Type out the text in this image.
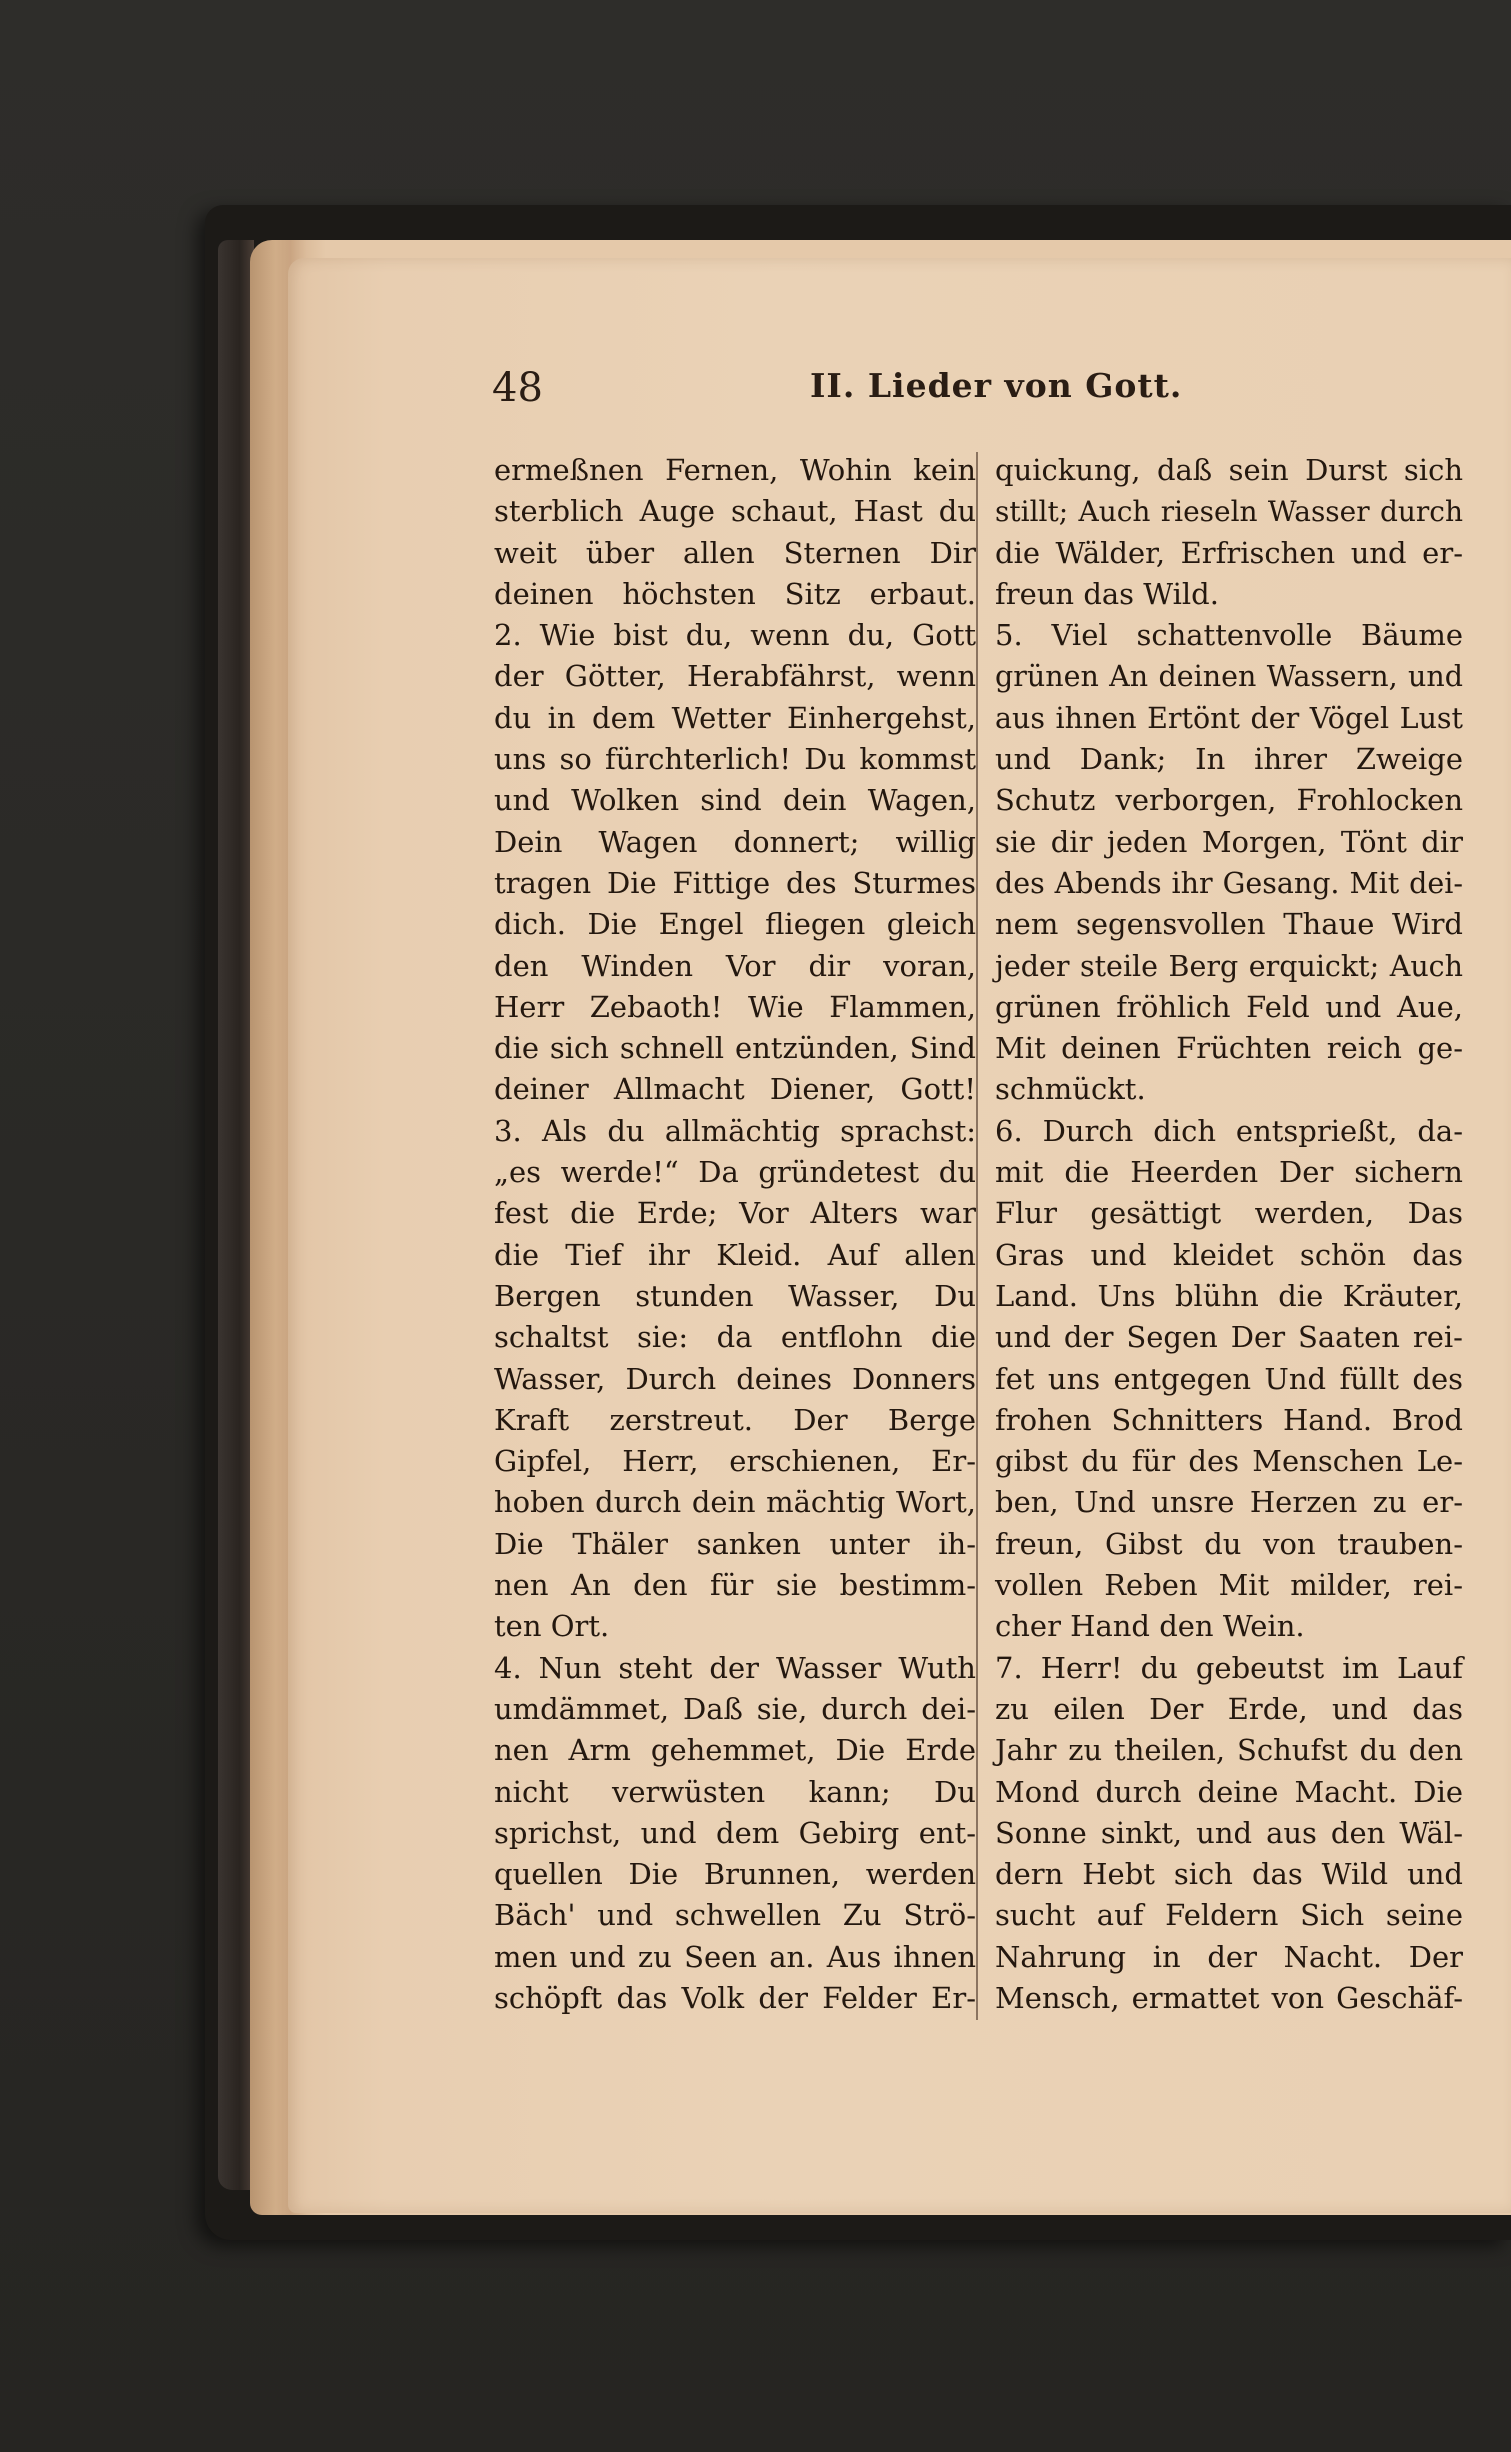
48	II. Lieder von Gott.
ermeßnen Fernen, Wohin kein
sterblich Auge schaut, Hast du
weit über allen Sternen Dir
deinen höchsten Sitz erbaut.
2. Wie bist du, wenn du, Gott
der Götter, Herabfährst, wenn
du in dem Wetter Einhergehst,
uns so fürchterlich! Du kommst
und Wolken sind dein Wagen,
Dein Wagen donnert; willig
tragen Die Fittige des Sturmes
dich. Die Engel fliegen gleich
den Winden Vor dir voran,
Herr Zebaoth! Wie Flammen,
die sich schnell entzünden, Sind
deiner Allmacht Diener, Gott!
3. Als du allmächtig sprachst:
„es werde!“ Da gründetest du
fest die Erde; Vor Alters war
die Tief ihr Kleid. Auf allen
Bergen stunden Wasser, Du
schaltst sie: da entflohn die
Wasser, Durch deines Donners
Kraft zerstreut. Der Berge
Gipfel, Herr, erschienen, Er-
hoben durch dein mächtig Wort,
Die Thäler sanken unter ih-
nen An den für sie bestimm-
ten Ort.
4. Nun steht der Wasser Wuth
umdämmet, Daß sie, durch dei-
nen Arm gehemmet, Die Erde
nicht verwüsten kann; Du
sprichst, und dem Gebirg ent-
quellen Die Brunnen, werden
Bäch' und schwellen Zu Strö-
men und zu Seen an. Aus ihnen
schöpft das Volk der Felder Er-
quickung, daß sein Durst sich
stillt; Auch rieseln Wasser durch
die Wälder, Erfrischen und er-
freun das Wild.
5. Viel schattenvolle Bäume
grünen An deinen Wassern, und
aus ihnen Ertönt der Vögel Lust
und Dank; In ihrer Zweige
Schutz verborgen, Frohlocken
sie dir jeden Morgen, Tönt dir
des Abends ihr Gesang. Mit dei-
nem segensvollen Thaue Wird
jeder steile Berg erquickt; Auch
grünen fröhlich Feld und Aue,
Mit deinen Früchten reich ge-
schmückt.
6. Durch dich entsprießt, da-
mit die Heerden Der sichern
Flur gesättigt werden, Das
Gras und kleidet schön das
Land. Uns blühn die Kräuter,
und der Segen Der Saaten rei-
fet uns entgegen Und füllt des
frohen Schnitters Hand. Brod
gibst du für des Menschen Le-
ben, Und unsre Herzen zu er-
freun, Gibst du von trauben-
vollen Reben Mit milder, rei-
cher Hand den Wein.
7. Herr! du gebeutst im Lauf
zu eilen Der Erde, und das
Jahr zu theilen, Schufst du den
Mond durch deine Macht. Die
Sonne sinkt, und aus den Wäl-
dern Hebt sich das Wild und
sucht auf Feldern Sich seine
Nahrung in der Nacht. Der
Mensch, ermattet von Geschäf-
